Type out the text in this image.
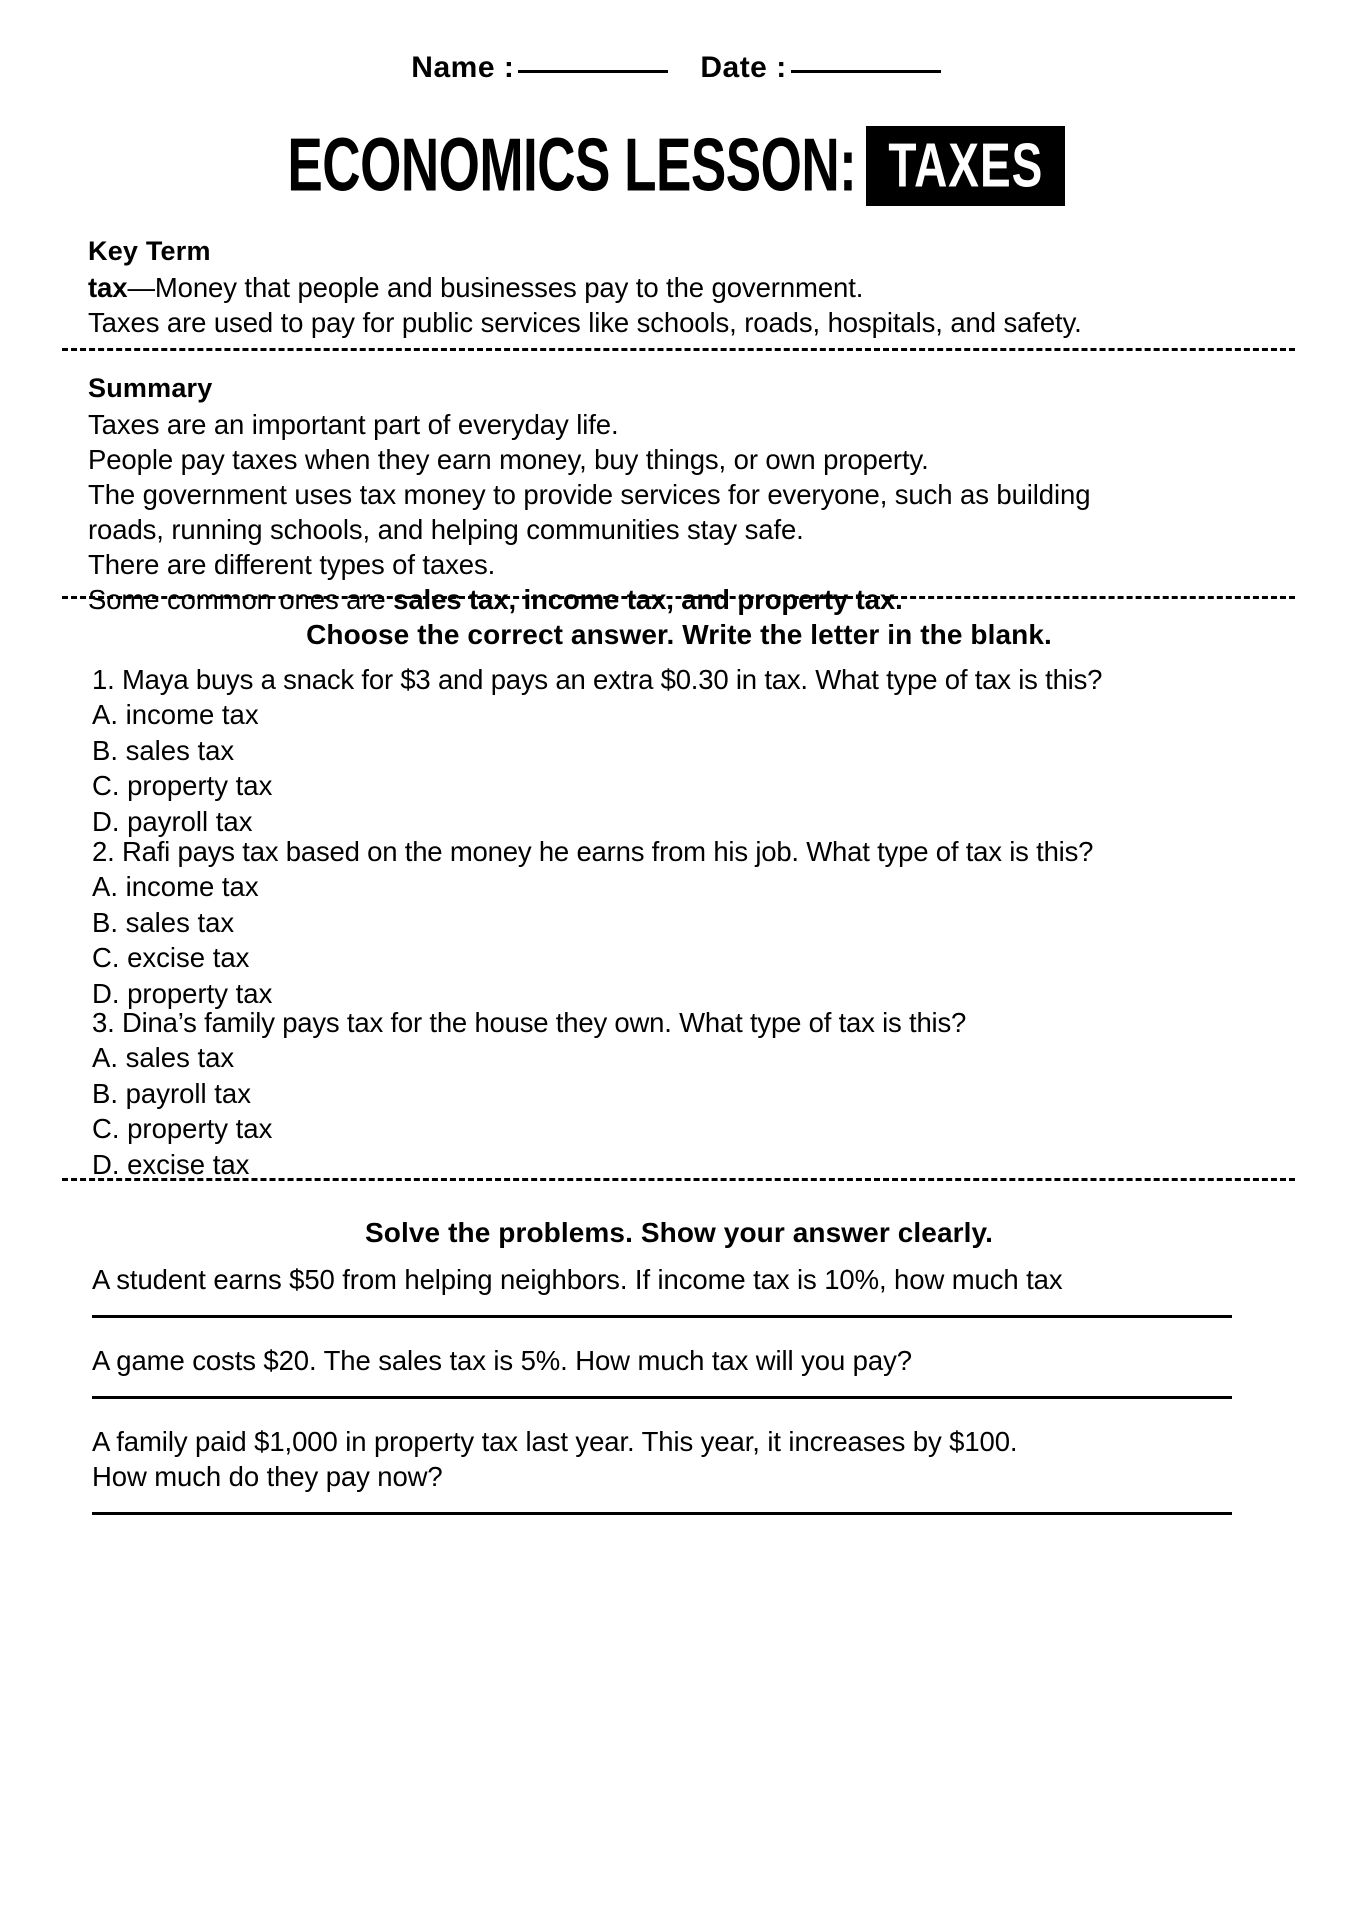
Name :	Date :
ECONOMICS LESSON: TAXES
Key Term
tax—Money that people and businesses pay to the government.
Taxes are used to pay for public services like schools, roads, hospitals, and safety.
Summary
Taxes are an important part of everyday life.
People pay taxes when they earn money, buy things, or own property.
The government uses tax money to provide services for everyone, such as building
roads, running schools, and helping communities stay safe.
There are different types of taxes.
Some common ones are sales tax, income tax, and property tax.
Choose the correct answer. Write the letter in the blank.
1. Maya buys a snack for $3 and pays an extra $0.30 in tax. What type of tax is this?
A. income tax
B. sales tax
C. property tax
D. payroll tax
2. Rafi pays tax based on the money he earns from his job. What type of tax is this?
A. income tax
B. sales tax
C. excise tax
D. property tax
3. Dina’s family pays tax for the house they own. What type of tax is this?
A. sales tax
B. payroll tax
C. property tax
D. excise tax
Solve the problems. Show your answer clearly.
A student earns $50 from helping neighbors. If income tax is 10%, how much tax
A game costs $20. The sales tax is 5%. How much tax will you pay?
A family paid $1,000 in property tax last year. This year, it increases by $100.
How much do they pay now?
